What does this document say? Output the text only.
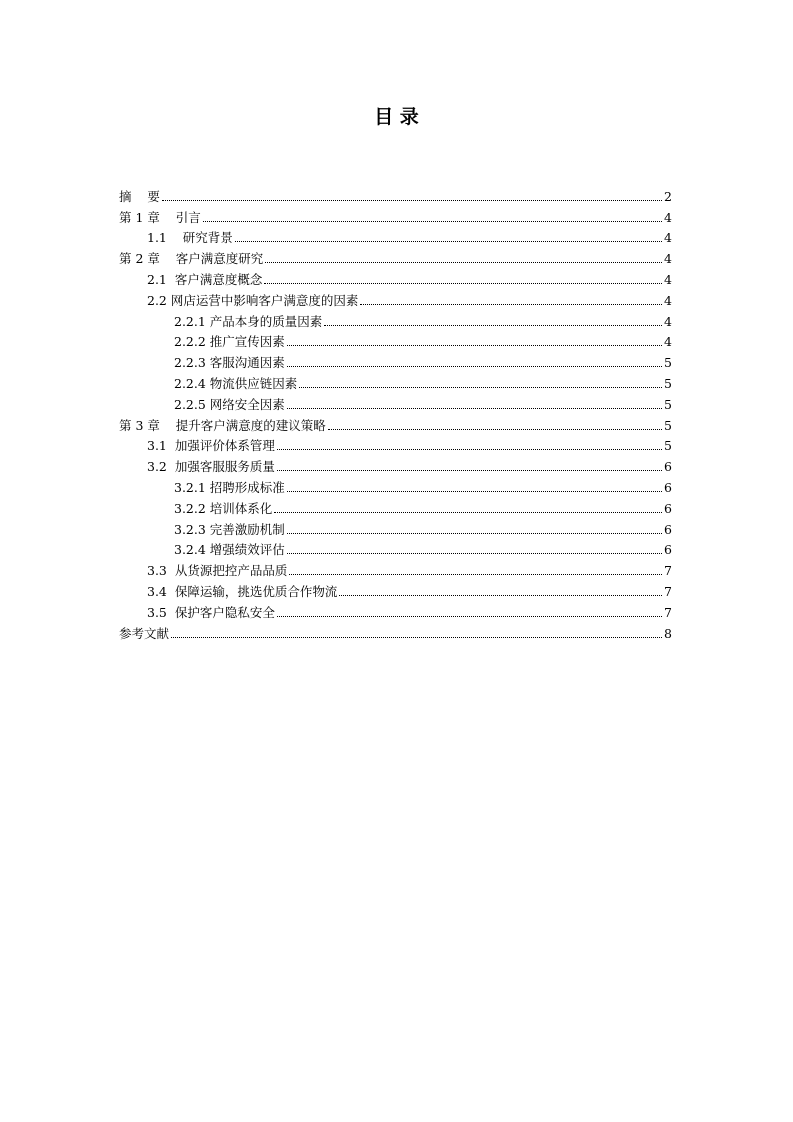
目 录
摘    要	2
第 1 章    引言	4
1.1    研究背景	4
第 2 章    客户满意度研究	4
2.1  客户满意度概念	4
2.2 网店运营中影响客户满意度的因素	4
2.2.1 产品本身的质量因素	4
2.2.2 推广宣传因素	4
2.2.3 客服沟通因素	5
2.2.4 物流供应链因素	5
2.2.5 网络安全因素	5
第 3 章    提升客户满意度的建议策略	5
3.1  加强评价体系管理	5
3.2  加强客服服务质量	6
3.2.1 招聘形成标准	6
3.2.2 培训体系化	6
3.2.3 完善激励机制	6
3.2.4 增强绩效评估	6
3.3  从货源把控产品品质	7
3.4  保障运输，挑选优质合作物流	7
3.5  保护客户隐私安全	7
参考文献	8
